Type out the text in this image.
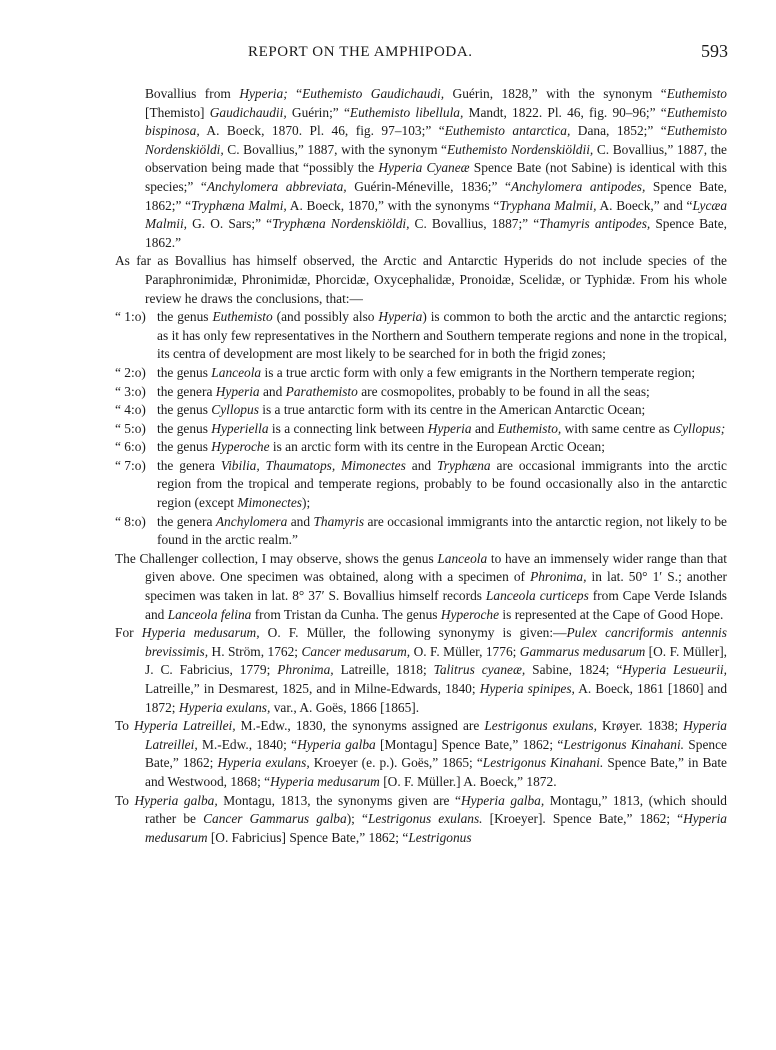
REPORT ON THE AMPHIPODA.	593

Bovallius from Hyperia; “Euthemisto Gaudichaudi, Guérin, 1828,” with the synonym “Euthemisto [Themisto] Gaudichaudii, Guérin;” “Euthemisto libellula, Mandt, 1822. Pl. 46, fig. 90–96;” “Euthemisto bispinosa, A. Boeck, 1870. Pl. 46, fig. 97–103;” “Euthemisto antarctica, Dana, 1852;” “Euthemisto Nordenskiöldi, C. Bovallius,” 1887, with the synonym “Euthemisto Nordenskiöldii, C. Bovallius,” 1887, the observation being made that “possibly the Hyperia Cyaneæ Spence Bate (not Sabine) is identical with this species;” “Anchylomera abbreviata, Guérin-Méneville, 1836;” “Anchylomera antipodes, Spence Bate, 1862;” “Tryphæna Malmi, A. Boeck, 1870,” with the synonyms “Tryphana Malmii, A. Boeck,” and “Lycæa Malmii, G. O. Sars;” “Tryphæna Nordenskiöldi, C. Bovallius, 1887;” “Thamyris antipodes, Spence Bate, 1862.”

As far as Bovallius has himself observed, the Arctic and Antarctic Hyperids do not include species of the Paraphronimidæ, Phronimidæ, Phorcidæ, Oxycephalidæ, Pronoidæ, Scelidæ, or Typhidæ. From his whole review he draws the conclusions, that:—

“ 1:o) the genus Euthemisto (and possibly also Hyperia) is common to both the arctic and the antarctic regions; as it has only few representatives in the Northern and Southern temperate regions and none in the tropical, its centra of development are most likely to be searched for in both the frigid zones;

“ 2:o) the genus Lanceola is a true arctic form with only a few emigrants in the Northern temperate region;

“ 3:o) the genera Hyperia and Parathemisto are cosmopolites, probably to be found in all the seas;

“ 4:o) the genus Cyllopus is a true antarctic form with its centre in the American Antarctic Ocean;

“ 5:o) the genus Hyperiella is a connecting link between Hyperia and Euthemisto, with same centre as Cyllopus;

“ 6:o) the genus Hyperoche is an arctic form with its centre in the European Arctic Ocean;

“ 7:o) the genera Vibilia, Thaumatops, Mimonectes and Tryphæna are occasional immigrants into the arctic region from the tropical and temperate regions, probably to be found occasionally also in the antarctic region (except Mimonectes);

“ 8:o) the genera Anchylomera and Thamyris are occasional immigrants into the antarctic region, not likely to be found in the arctic realm.”

The Challenger collection, I may observe, shows the genus Lanceola to have an immensely wider range than that given above. One specimen was obtained, along with a specimen of Phronima, in lat. 50° 1′ S.; another specimen was taken in lat. 8° 37′ S. Bovallius himself records Lanceola curticeps from Cape Verde Islands and Lanceola felina from Tristan da Cunha. The genus Hyperoche is represented at the Cape of Good Hope.

For Hyperia medusarum, O. F. Müller, the following synonymy is given:—Pulex cancriformis antennis brevissimis, H. Ström, 1762; Cancer medusarum, O. F. Müller, 1776; Gammarus medusarum [O. F. Müller], J. C. Fabricius, 1779; Phronima, Latreille, 1818; Talitrus cyaneæ, Sabine, 1824; “Hyperia Lesueurii, Latreille,” in Desmarest, 1825, and in Milne-Edwards, 1840; Hyperia spinipes, A. Boeck, 1861 [1860] and 1872; Hyperia exulans, var., A. Goës, 1866 [1865].

To Hyperia Latreillei, M.-Edw., 1830, the synonyms assigned are Lestrigonus exulans, Krøyer. 1838; Hyperia Latreillei, M.-Edw., 1840; “Hyperia galba [Montagu] Spence Bate,” 1862; “Lestrigonus Kinahani. Spence Bate,” 1862; Hyperia exulans, Kroeyer (e. p.). Goës,” 1865; “Lestrigonus Kinahani. Spence Bate,” in Bate and Westwood, 1868; “Hyperia medusarum [O. F. Müller.] A. Boeck,” 1872.

To Hyperia galba, Montagu, 1813, the synonyms given are “Hyperia galba, Montagu,” 1813, (which should rather be Cancer Gammarus galba); “Lestrigonus exulans. [Kroeyer]. Spence Bate,” 1862; “Hyperia medusarum [O. Fabricius] Spence Bate,” 1862; “Lestrigonus
